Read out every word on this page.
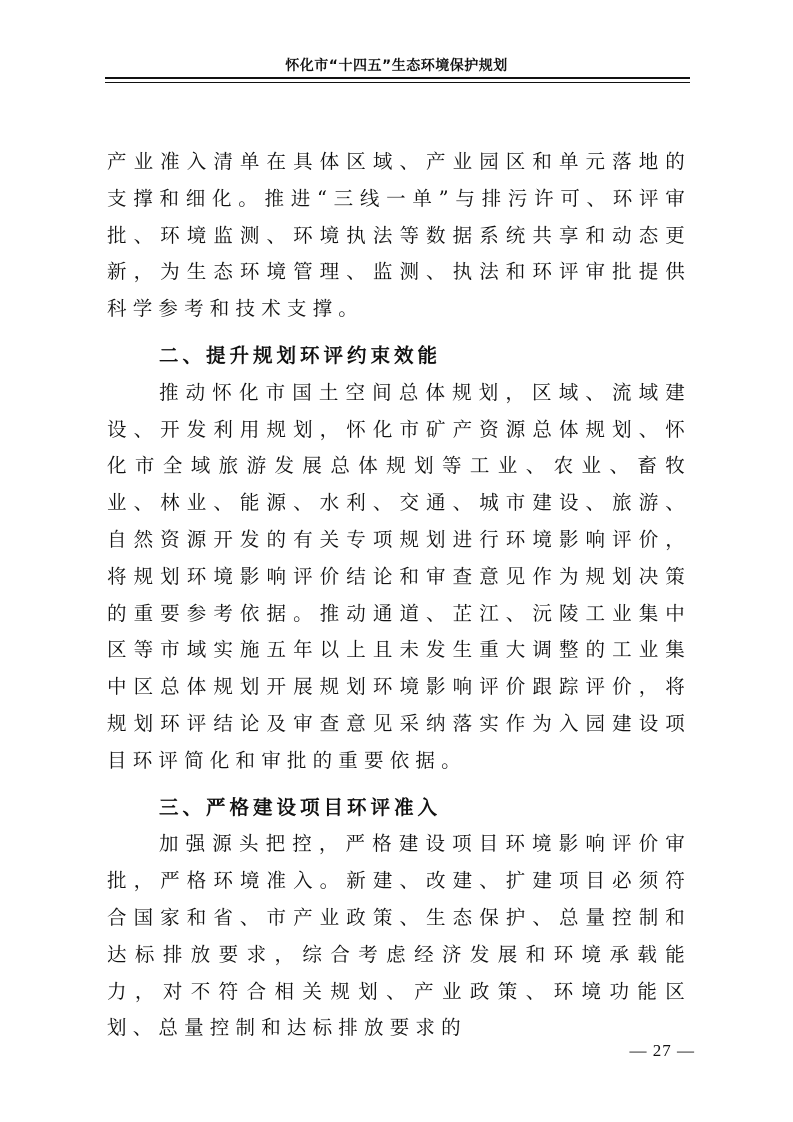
怀化市“十四五”生态环境保护规划

产业准入清单在具体区域、产业园区和单元落地的支撑和细化。推进“三线一单”与排污许可、环评审批、环境监测、环境执法等数据系统共享和动态更新，为生态环境管理、监测、执法和环评审批提供科学参考和技术支撑。

二、提升规划环评约束效能

推动怀化市国土空间总体规划，区域、流域建设、开发利用规划，怀化市矿产资源总体规划、怀化市全域旅游发展总体规划等工业、农业、畜牧业、林业、能源、水利、交通、城市建设、旅游、自然资源开发的有关专项规划进行环境影响评价，将规划环境影响评价结论和审查意见作为规划决策的重要参考依据。推动通道、芷江、沅陵工业集中区等市域实施五年以上且未发生重大调整的工业集中区总体规划开展规划环境影响评价跟踪评价，将规划环评结论及审查意见采纳落实作为入园建设项目环评简化和审批的重要依据。

三、严格建设项目环评准入

加强源头把控，严格建设项目环境影响评价审批，严格环境准入。新建、改建、扩建项目必须符合国家和省、市产业政策、生态保护、总量控制和达标排放要求，综合考虑经济发展和环境承载能力，对不符合相关规划、产业政策、环境功能区划、总量控制和达标排放要求的

— 27 —
